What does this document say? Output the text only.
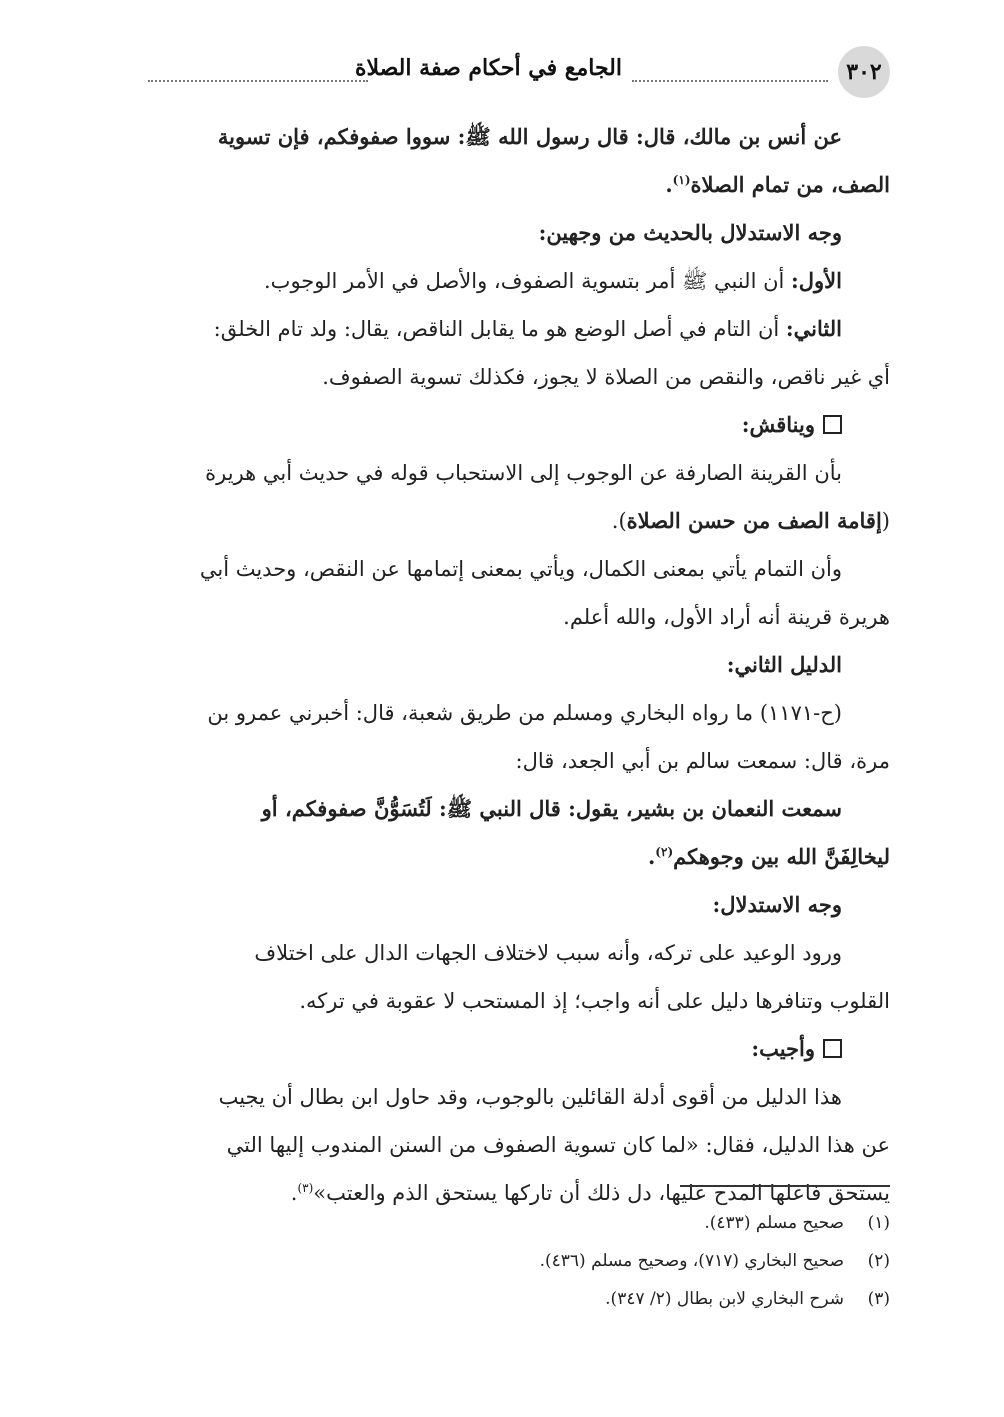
٣٠٢
الجامع في أحكام صفة الصلاة
عن أنس بن مالك، قال: قال رسول الله ﷺ: سووا صفوفكم، فإن تسوية
الصف، من تمام الصلاة$^{(١)}$.
وجه الاستدلال بالحديث من وجهين:
الأول: أن النبي ﷺ أمر بتسوية الصفوف، والأصل في الأمر الوجوب.
الثاني: أن التام في أصل الوضع هو ما يقابل الناقص، يقال: ولد تام الخلق:
أي غير ناقص، والنقص من الصلاة لا يجوز، فكذلك تسوية الصفوف.
ويناقش:
بأن القرينة الصارفة عن الوجوب إلى الاستحباب قوله في حديث أبي هريرة
(إقامة الصف من حسن الصلاة).
وأن التمام يأتي بمعنى الكمال، ويأتي بمعنى إتمامها عن النقص، وحديث أبي
هريرة قرينة أنه أراد الأول، والله أعلم.
الدليل الثاني:
(ح-١١٧١) ما رواه البخاري ومسلم من طريق شعبة، قال: أخبرني عمرو بن
مرة، قال: سمعت سالم بن أبي الجعد، قال:
سمعت النعمان بن بشير، يقول: قال النبي ﷺ: لَتُسَوُّنَّ صفوفكم، أو
ليخالِفَنَّ الله بين وجوهكم$^{(٢)}$.
وجه الاستدلال:
ورود الوعيد على تركه، وأنه سبب لاختلاف الجهات الدال على اختلاف
القلوب وتنافرها دليل على أنه واجب؛ إذ المستحب لا عقوبة في تركه.
وأجيب:
هذا الدليل من أقوى أدلة القائلين بالوجوب، وقد حاول ابن بطال أن يجيب
عن هذا الدليل، فقال: «لما كان تسوية الصفوف من السنن المندوب إليها التي
يستحق فاعلها المدح عليها، دل ذلك أن تاركها يستحق الذم والعتب»$^{(٣)}$.
(١)صحيح مسلم (٤٣٣).
(٢)صحيح البخاري (٧١٧)، وصحيح مسلم (٤٣٦).
(٣)شرح البخاري لابن بطال (٢/ ٣٤٧).
